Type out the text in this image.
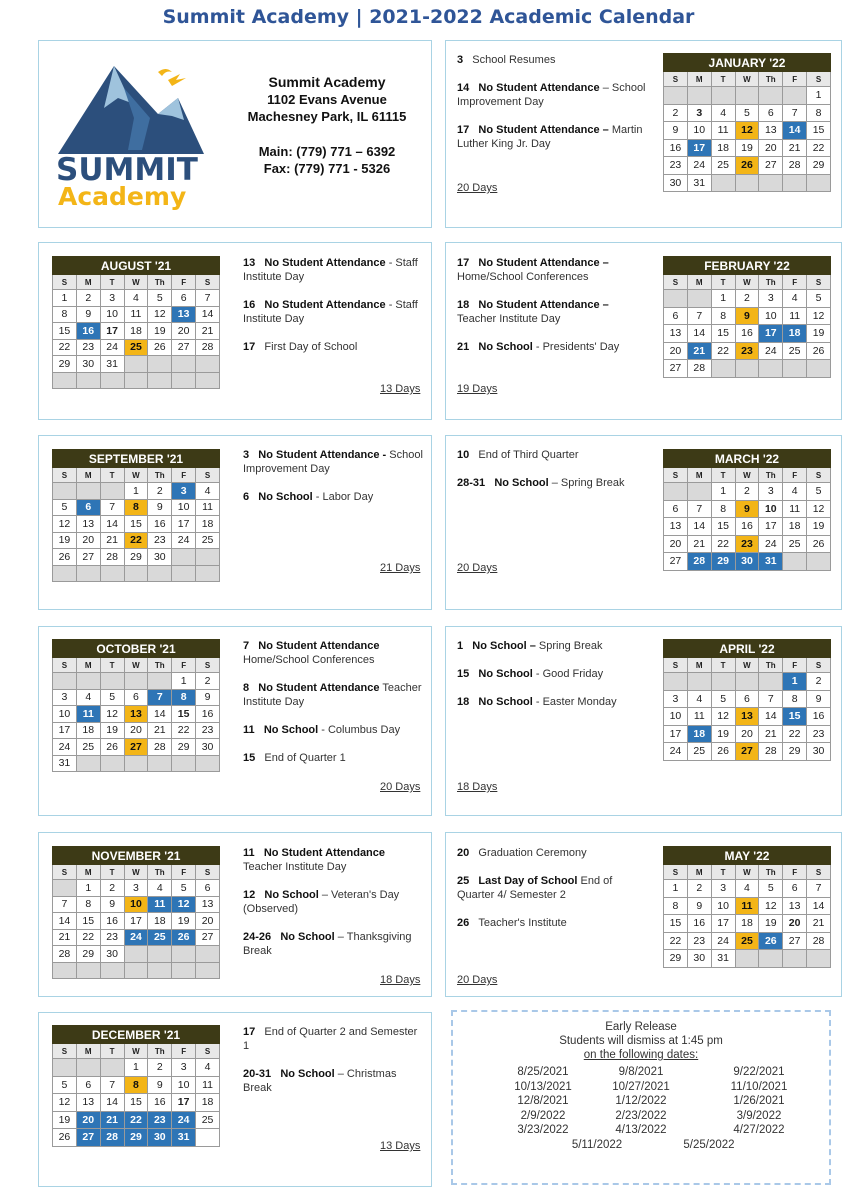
Summit Academy | 2021-2022 Academic Calendar
SUMMIT
Academy
Summit Academy
1102 Evans Avenue
Machesney Park, IL 61115
Main: (779) 771 – 6392
Fax: (779) 771 - 5326
JANUARY '22						
S	M	T	W	Th	F	S
						1
2	3	4	5	6	7	8
9	10	11	12	13	14	15
16	17	18	19	20	21	22
23	24	25	26	27	28	29
30	31					
3 School Resumes
14 No Student Attendance – School Improvement Day
17 No Student Attendance – Martin Luther King Jr. Day
20 Days
AUGUST '21						
S	M	T	W	Th	F	S
1	2	3	4	5	6	7
8	9	10	11	12	13	14
15	16	17	18	19	20	21
22	23	24	25	26	27	28
29	30	31				

13 No Student Attendance - Staff Institute Day
16 No Student Attendance - Staff Institute Day
17 First Day of School
13 Days
FEBRUARY '22						
S	M	T	W	Th	F	S
		1	2	3	4	5
6	7	8	9	10	11	12
13	14	15	16	17	18	19
20	21	22	23	24	25	26
27	28					
17 No Student Attendance – Home/School Conferences
18 No Student Attendance – Teacher Institute Day
21 No School - Presidents' Day
19 Days
SEPTEMBER '21						
S	M	T	W	Th	F	S
			1	2	3	4
5	6	7	8	9	10	11
12	13	14	15	16	17	18
19	20	21	22	23	24	25
26	27	28	29	30		

3 No Student Attendance - School Improvement Day
6 No School - Labor Day
21 Days
MARCH '22						
S	M	T	W	Th	F	S
		1	2	3	4	5
6	7	8	9	10	11	12
13	14	15	16	17	18	19
20	21	22	23	24	25	26
27	28	29	30	31		
10 End of Third Quarter
28-31 No School – Spring Break
20 Days
OCTOBER '21						
S	M	T	W	Th	F	S
					1	2
3	4	5	6	7	8	9
10	11	12	13	14	15	16
17	18	19	20	21	22	23
24	25	26	27	28	29	30
31						
7 No Student Attendance Home/School Conferences
8 No Student Attendance Teacher Institute Day
11 No School - Columbus Day
15 End of Quarter 1
20 Days
APRIL '22						
S	M	T	W	Th	F	S
					1	2
3	4	5	6	7	8	9
10	11	12	13	14	15	16
17	18	19	20	21	22	23
24	25	26	27	28	29	30
1 No School – Spring Break
15 No School - Good Friday
18 No School - Easter Monday
18 Days
NOVEMBER '21						
S	M	T	W	Th	F	S
	1	2	3	4	5	6
7	8	9	10	11	12	13
14	15	16	17	18	19	20
21	22	23	24	25	26	27
28	29	30				

11 No Student Attendance Teacher Institute Day
12 No School – Veteran's Day (Observed)
24-26 No School – Thanksgiving Break
18 Days
MAY '22						
S	M	T	W	Th	F	S
1	2	3	4	5	6	7
8	9	10	11	12	13	14
15	16	17	18	19	20	21
22	23	24	25	26	27	28
29	30	31				
20 Graduation Ceremony
25 Last Day of School End of Quarter 4/ Semester 2
26 Teacher's Institute
20 Days
DECEMBER '21						
S	M	T	W	Th	F	S
			1	2	3	4
5	6	7	8	9	10	11
12	13	14	15	16	17	18
19	20	21	22	23	24	25
26	27	28	29	30	31	
17 End of Quarter 2 and Semester 1
20-31 No School – Christmas Break
13 Days
Early Release
Students will dismiss at 1:45 pm
on the following dates:
8/25/2021	9/8/2021	9/22/2021
10/13/2021	10/27/2021	11/10/2021
12/8/2021	1/12/2022	1/26/2021
2/9/2022	2/23/2022	3/9/2022
3/23/2022	4/13/2022	4/27/2022
5/11/2022	5/25/2022
